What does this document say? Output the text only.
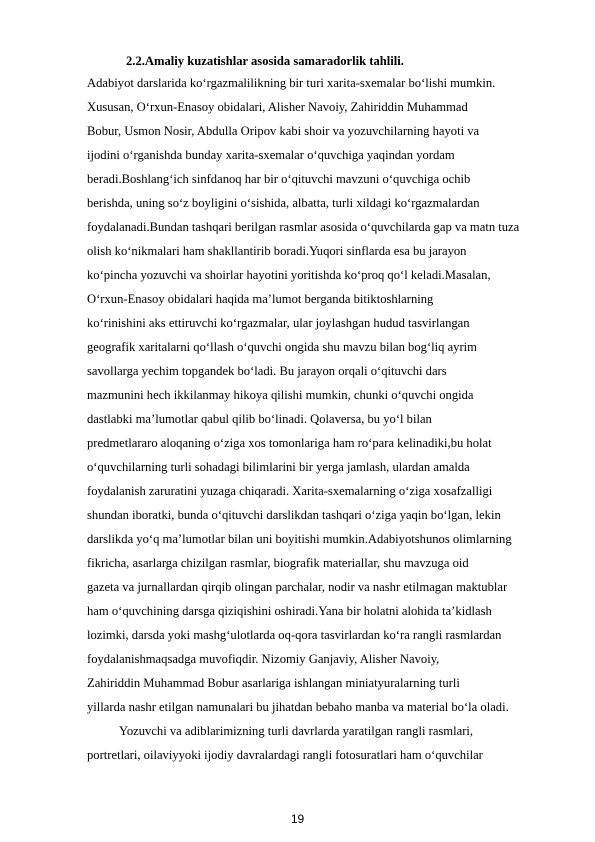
2.2.Amaliy kuzatishlar asosida samaradorlik tahlili.
Adabiyot darslarida ko‘rgazmalilikning bir turi xarita-sxemalar bo‘lishi mumkin.
Xususan, O‘rxun-Enasoy obidalari, Alisher Navoiy, Zahiriddin Muhammad
Bobur, Usmon Nosir, Abdulla Oripov kabi shoir va yozuvchilarning hayoti va
ijodini o‘rganishda bunday xarita-sxemalar o‘quvchiga yaqindan yordam
beradi.Boshlang‘ich sinfdanoq har bir o‘qituvchi mavzuni o‘quvchiga ochib
berishda, uning so‘z boyligini o‘sishida, albatta, turli xildagi ko‘rgazmalardan
foydalanadi.Bundan tashqari berilgan rasmlar asosida o‘quvchilarda gap va matn tuza
olish ko‘nikmalari ham shakllantirib boradi.Yuqori sinflarda esa bu jarayon
ko‘pincha yozuvchi va shoirlar hayotini yoritishda ko‘proq qo‘l keladi.Masalan,
O‘rxun-Enasoy obidalari haqida ma’lumot berganda bitiktoshlarning
ko‘rinishini aks ettiruvchi ko‘rgazmalar, ular joylashgan hudud tasvirlangan
geografik xaritalarni qo‘llash o‘quvchi ongida shu mavzu bilan bog‘liq ayrim
savollarga yechim topgandek bo‘ladi. Bu jarayon orqali o‘qituvchi dars
mazmunini hech ikkilanmay hikoya qilishi mumkin, chunki o‘quvchi ongida
dastlabki ma’lumotlar qabul qilib bo‘linadi. Qolaversa, bu yo‘l bilan
predmetlararo aloqaning o‘ziga xos tomonlariga ham ro‘para kelinadiki,bu holat
o‘quvchilarning turli sohadagi bilimlarini bir yerga jamlash, ulardan amalda
foydalanish zaruratini yuzaga chiqaradi. Xarita-sxemalarning o‘ziga xosafzalligi
shundan iboratki, bunda o‘qituvchi darslikdan tashqari o‘ziga yaqin bo‘lgan, lekin
darslikda yo‘q ma’lumotlar bilan uni boyitishi mumkin.Adabiyotshunos olimlarning
fikricha, asarlarga chizilgan rasmlar, biografik materiallar, shu mavzuga oid
gazeta va jurnallardan qirqib olingan parchalar, nodir va nashr etilmagan maktublar
ham o‘quvchining darsga qiziqishini oshiradi.Yana bir holatni alohida ta’kidlash
lozimki, darsda yoki mashg‘ulotlarda oq-qora tasvirlardan ko‘ra rangli rasmlardan
foydalanishmaqsadga muvofiqdir. Nizomiy Ganjaviy, Alisher Navoiy,
Zahiriddin Muhammad Bobur asarlariga ishlangan miniatyuralarning turli
yillarda nashr etilgan namunalari bu jihatdan bebaho manba va material bo‘la oladi.
Yozuvchi va adiblarimizning turli davrlarda yaratilgan rangli rasmlari,
portretlari, oilaviyyoki ijodiy davralardagi rangli fotosuratlari ham o‘quvchilar
19
